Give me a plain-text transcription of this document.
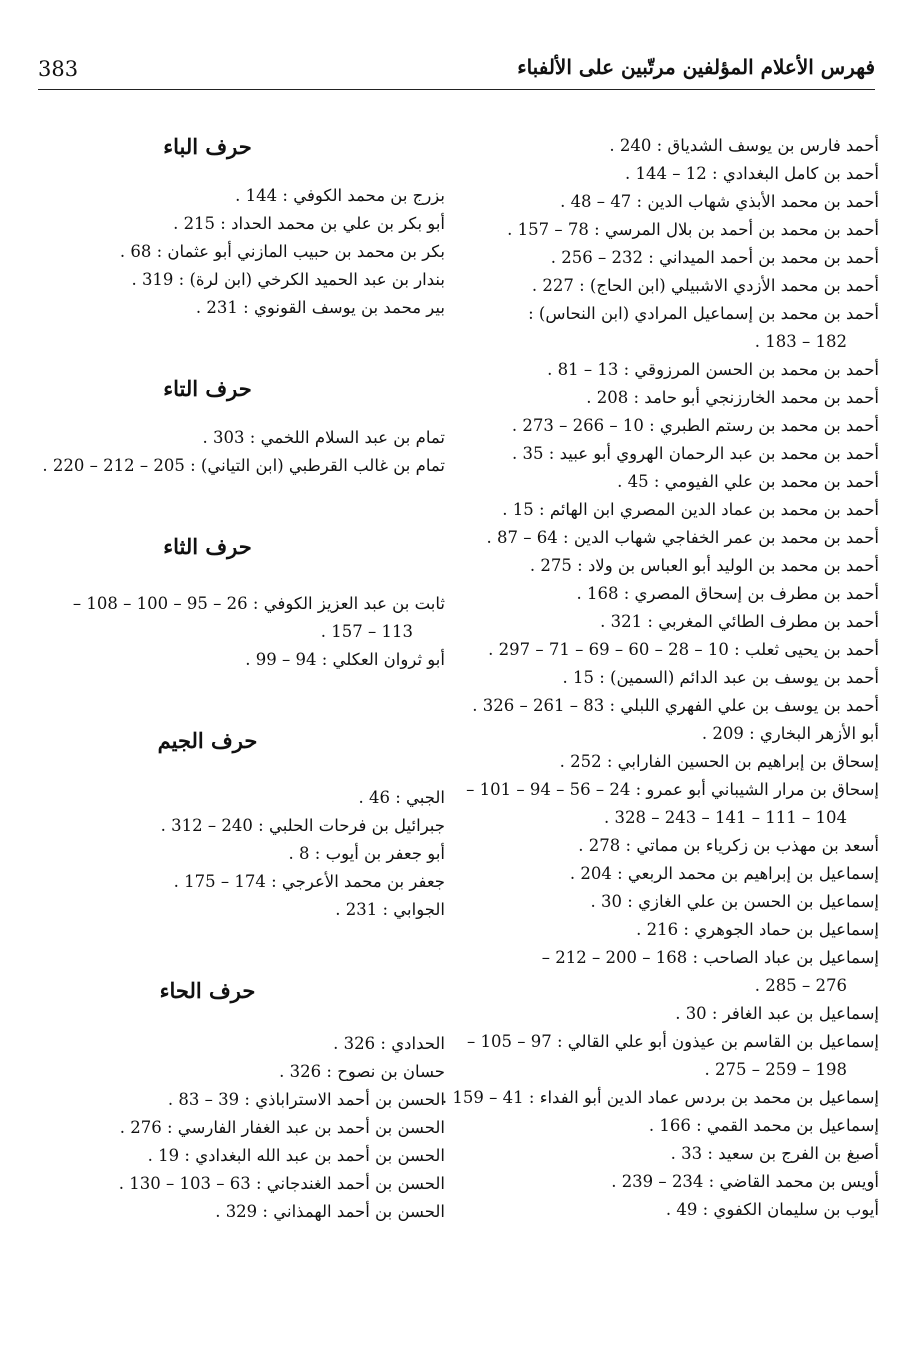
383	فهرس الأعلام المؤلفين مرتّبين على الألفباء
أحمد فارس بن يوسف الشدياق : 240 .
أحمد بن كامل البغدادي : 12 – 144 .
أحمد بن محمد الأبذي شهاب الدين : 47 – 48 .
أحمد بن محمد بن أحمد بن بلال المرسي : 78 – 157 .
أحمد بن محمد بن أحمد الميداني : 232 – 256 .
أحمد بن محمد الأزدي الاشبيلي (ابن الحاج) : 227 .
أحمد بن محمد بن إسماعيل المرادي (ابن النحاس) :
182 – 183 .
أحمد بن محمد بن الحسن المرزوقي : 13 – 81 .
أحمد بن محمد الخارزنجي أبو حامد : 208 .
أحمد بن محمد بن رستم الطبري : 10 – 266 – 273 .
أحمد بن محمد بن عبد الرحمان الهروي أبو عبيد : 35 .
أحمد بن محمد بن علي الفيومي : 45 .
أحمد بن محمد بن عماد الدين المصري ابن الهائم : 15 .
أحمد بن محمد بن عمر الخفاجي شهاب الدين : 64 – 87 .
أحمد بن محمد بن الوليد أبو العباس بن ولاد : 275 .
أحمد بن مطرف بن إسحاق المصري : 168 .
أحمد بن مطرف الطائي المغربي : 321 .
أحمد بن يحيى ثعلب : 10 – 28 – 60 – 69 – 71 – 297 .
أحمد بن يوسف بن عبد الدائم (السمين) : 15 .
أحمد بن يوسف بن علي الفهري اللبلي : 83 – 261 – 326 .
أبو الأزهر البخاري : 209 .
إسحاق بن إبراهيم بن الحسين الفارابي : 252 .
إسحاق بن مرار الشيباني أبو عمرو : 24 – 56 – 94 – 101 –
104 – 111 – 141 – 243 – 328 .
أسعد بن مهذب بن زكرياء بن مماتي : 278 .
إسماعيل بن إبراهيم بن محمد الربعي : 204 .
إسماعيل بن الحسن بن علي الغازي : 30 .
إسماعيل بن حماد الجوهري : 216 .
إسماعيل بن عباد الصاحب : 168 – 200 – 212 –
276 – 285 .
إسماعيل بن عبد الغافر : 30 .
إسماعيل بن القاسم بن عيذون أبو علي القالي : 97 – 105 –
198 – 259 – 275 .
إسماعيل بن محمد بن بردس عماد الدين أبو الفداء : 41 – 159 .
إسماعيل بن محمد القمي : 166 .
أصبغ بن الفرج بن سعيد : 33 .
أويس بن محمد القاضي : 234 – 239 .
أيوب بن سليمان الكفوي : 49 .
حرف الباء
بزرج بن محمد الكوفي : 144 .
أبو بكر بن علي بن محمد الحداد : 215 .
بكر بن محمد بن حبيب المازني أبو عثمان : 68 .
بندار بن عبد الحميد الكرخي (ابن لرة) : 319 .
بير محمد بن يوسف القونوي : 231 .
حرف التاء
تمام بن عبد السلام اللخمي : 303 .
تمام بن غالب القرطبي (ابن التياني) : 205 – 212 – 220 .
حرف الثاء
ثابت بن عبد العزيز الكوفي : 26 – 95 – 100 – 108 –
113 – 157 .
أبو ثروان العكلي : 94 – 99 .
حرف الجيم
الجبي : 46 .
جبرائيل بن فرحات الحلبي : 240 – 312 .
أبو جعفر بن أيوب : 8 .
جعفر بن محمد الأعرجي : 174 – 175 .
الجوابي : 231 .
حرف الحاء
الحدادي : 326 .
حسان بن نصوح : 326 .
الحسن بن أحمد الاستراباذي : 39 – 83 .
الحسن بن أحمد بن عبد الغفار الفارسي : 276 .
الحسن بن أحمد بن عبد الله البغدادي : 19 .
الحسن بن أحمد الغندجاني : 63 – 103 – 130 .
الحسن بن أحمد الهمذاني : 329 .
